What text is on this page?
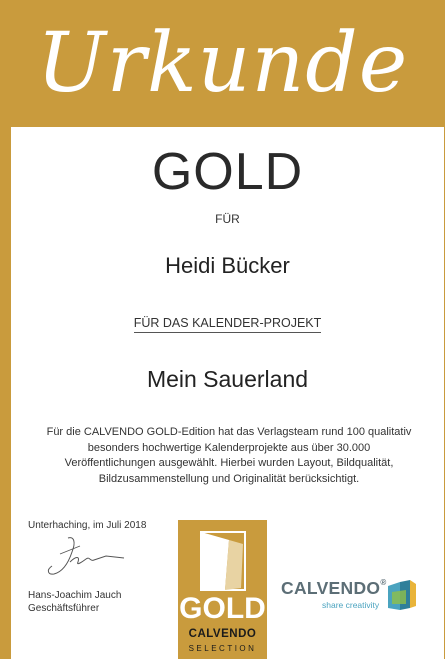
Urkunde
GOLD
FÜR
Heidi Bücker
FÜR DAS KALENDER-PROJEKT
Mein Sauerland
Für die CALVENDO GOLD-Edition hat das Verlagsteam rund 100 qualitativ besonders hochwertige Kalenderprojekte aus über 30.000 Veröffentlichungen ausgewählt. Hierbei wurden Layout, Bildqualität, Bildzusammenstellung und Originalität berücksichtigt.
Unterhaching, im Juli 2018
Hans-Joachim Jauch
Geschäftsführer	GOLD
CALVENDO
SELECTION
CALVENDO®
share creativity
